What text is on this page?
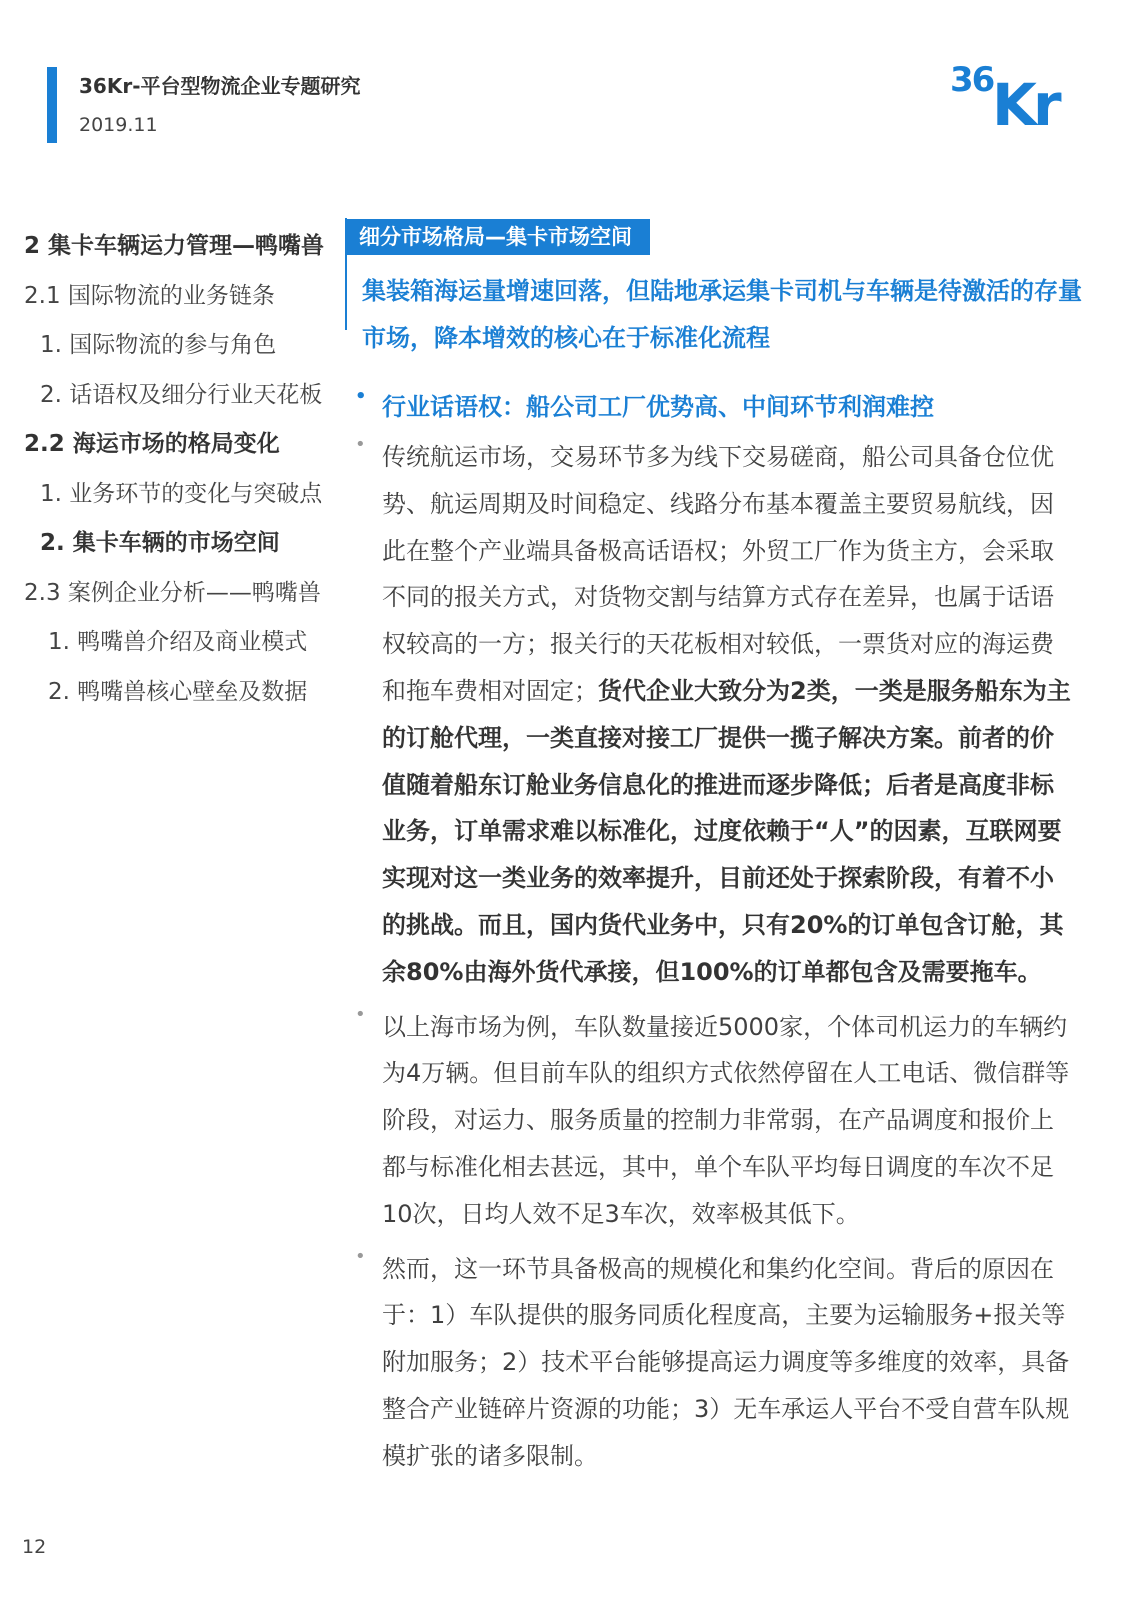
36Kr-平台型物流企业专题研究
2019.11
36
Kr
2 集卡车辆运力管理—鸭嘴兽
2.1 国际物流的业务链条
1. 国际物流的参与角色
2. 话语权及细分行业天花板
2.2 海运市场的格局变化
1. 业务环节的变化与突破点
2. 集卡车辆的市场空间
2.3 案例企业分析——鸭嘴兽
1. 鸭嘴兽介绍及商业模式
2. 鸭嘴兽核心壁垒及数据
细分市场格局—集卡市场空间
集装箱海运量增速回落，但陆地承运集卡司机与车辆是待激活的存量市场，降本增效的核心在于标准化流程
• 行业话语权：船公司工厂优势高、中间环节利润难控
• 传统航运市场，交易环节多为线下交易磋商，船公司具备仓位优势、航运周期及时间稳定、线路分布基本覆盖主要贸易航线，因此在整个产业端具备极高话语权；外贸工厂作为货主方，会采取不同的报关方式，对货物交割与结算方式存在差异，也属于话语权较高的一方；报关行的天花板相对较低，一票货对应的海运费和拖车费相对固定；货代企业大致分为2类，一类是服务船东为主的订舱代理，一类直接对接工厂提供一揽子解决方案。前者的价值随着船东订舱业务信息化的推进而逐步降低；后者是高度非标业务，订单需求难以标准化，过度依赖于“人”的因素，互联网要实现对这一类业务的效率提升，目前还处于探索阶段，有着不小的挑战。而且，国内货代业务中，只有20%的订单包含订舱，其余80%由海外货代承接，但100%的订单都包含及需要拖车。
• 以上海市场为例，车队数量接近5000家，个体司机运力的车辆约为4万辆。但目前车队的组织方式依然停留在人工电话、微信群等阶段，对运力、服务质量的控制力非常弱，在产品调度和报价上都与标准化相去甚远，其中，单个车队平均每日调度的车次不足10次，日均人效不足3车次，效率极其低下。
• 然而，这一环节具备极高的规模化和集约化空间。背后的原因在于：1）车队提供的服务同质化程度高，主要为运输服务+报关等附加服务；2）技术平台能够提高运力调度等多维度的效率，具备整合产业链碎片资源的功能；3）无车承运人平台不受自营车队规模扩张的诸多限制。
12
